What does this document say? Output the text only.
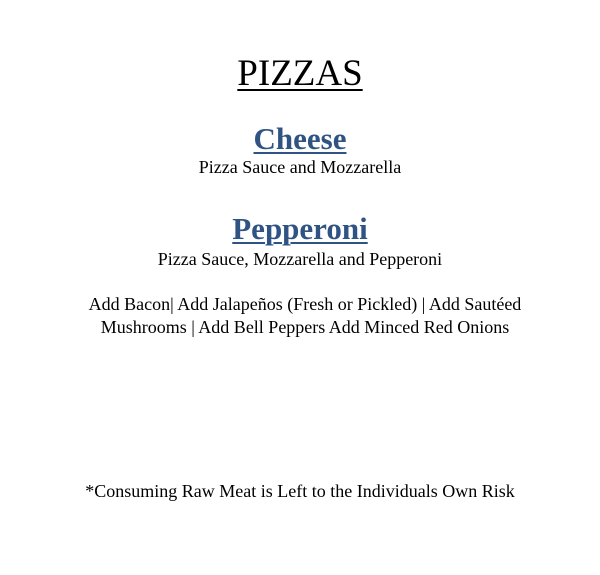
PIZZAS
Cheese
Pizza Sauce and Mozzarella
Pepperoni
Pizza Sauce, Mozzarella and Pepperoni
Add Bacon| Add Jalapeños (Fresh or Pickled) | Add Sautéed Mushrooms | Add Bell Peppers Add Minced Red Onions
*Consuming Raw Meat is Left to the Individuals Own Risk
